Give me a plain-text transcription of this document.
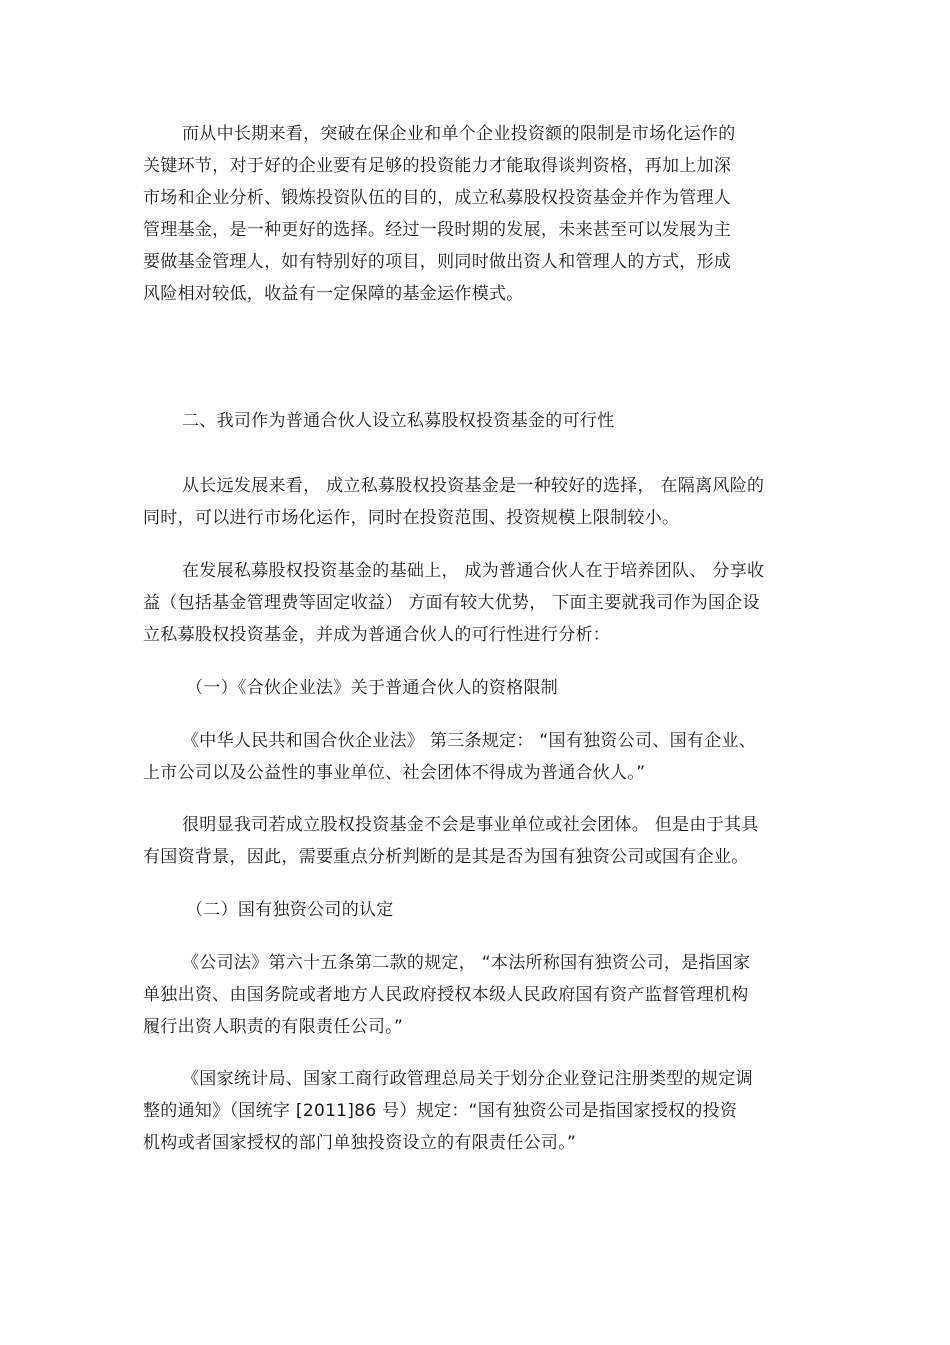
而从中长期来看，突破在保企业和单个企业投资额的限制是市场化运作的

关键环节，对于好的企业要有足够的投资能力才能取得谈判资格，再加上加深

市场和企业分析、锻炼投资队伍的目的，成立私募股权投资基金并作为管理人

管理基金，是一种更好的选择。经过一段时期的发展，未来甚至可以发展为主

要做基金管理人，如有特别好的项目，则同时做出资人和管理人的方式，形成

风险相对较低，收益有一定保障的基金运作模式。

二、我司作为普通合伙人设立私募股权投资基金的可行性

从长远发展来看， 成立私募股权投资基金是一种较好的选择， 在隔离风险的

同时，可以进行市场化运作，同时在投资范围、投资规模上限制较小。

在发展私募股权投资基金的基础上， 成为普通合伙人在于培养团队、 分享收

益（包括基金管理费等固定收益） 方面有较大优势， 下面主要就我司作为国企设

立私募股权投资基金，并成为普通合伙人的可行性进行分析：

（一）《合伙企业法》关于普通合伙人的资格限制

《中华人民共和国合伙企业法》 第三条规定： “国有独资公司、国有企业、

上市公司以及公益性的事业单位、社会团体不得成为普通合伙人。”

很明显我司若成立股权投资基金不会是事业单位或社会团体。 但是由于其具

有国资背景，因此，需要重点分析判断的是其是否为国有独资公司或国有企业。

（二）国有独资公司的认定

《公司法》第六十五条第二款的规定， “本法所称国有独资公司，是指国家

单独出资、由国务院或者地方人民政府授权本级人民政府国有资产监督管理机构

履行出资人职责的有限责任公司。”

《国家统计局、国家工商行政管理总局关于划分企业登记注册类型的规定调

整的通知》（国统字 [2011]86 号）规定：“国有独资公司是指国家授权的投资

机构或者国家授权的部门单独投资设立的有限责任公司。”
